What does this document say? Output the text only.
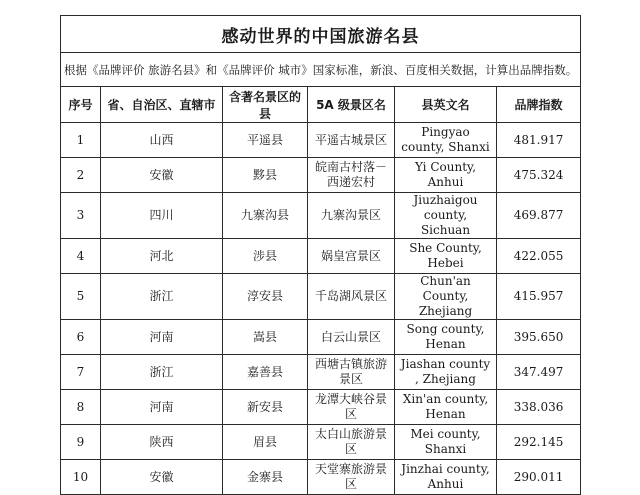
感动世界的中国旅游名县					
根据《品牌评价 旅游名县》和《品牌评价 城市》国家标准，新浪、百度相关数据，计算出品牌指数。					
序号	省、自治区、直辖市	含著名景区的县	5A 级景区名	县英文名	品牌指数
1	山西	平遥县	平遥古城景区	Pingyao county, Shanxi	481.917
2	安徽	黟县	皖南古村落－西递宏村	Yi County, Anhui	475.324
3	四川	九寨沟县	九寨沟景区	Jiuzhaigou county, Sichuan	469.877
4	河北	涉县	娲皇宫景区	She County, Hebei	422.055
5	浙江	淳安县	千岛湖风景区	Chun'an County, Zhejiang	415.957
6	河南	嵩县	白云山景区	Song county, Henan	395.650
7	浙江	嘉善县	西塘古镇旅游景区	Jiashan county , Zhejiang	347.497
8	河南	新安县	龙潭大峡谷景区	Xin'an county, Henan	338.036
9	陕西	眉县	太白山旅游景区	Mei county, Shanxi	292.145
10	安徽	金寨县	天堂寨旅游景区	Jinzhai county, Anhui	290.011
